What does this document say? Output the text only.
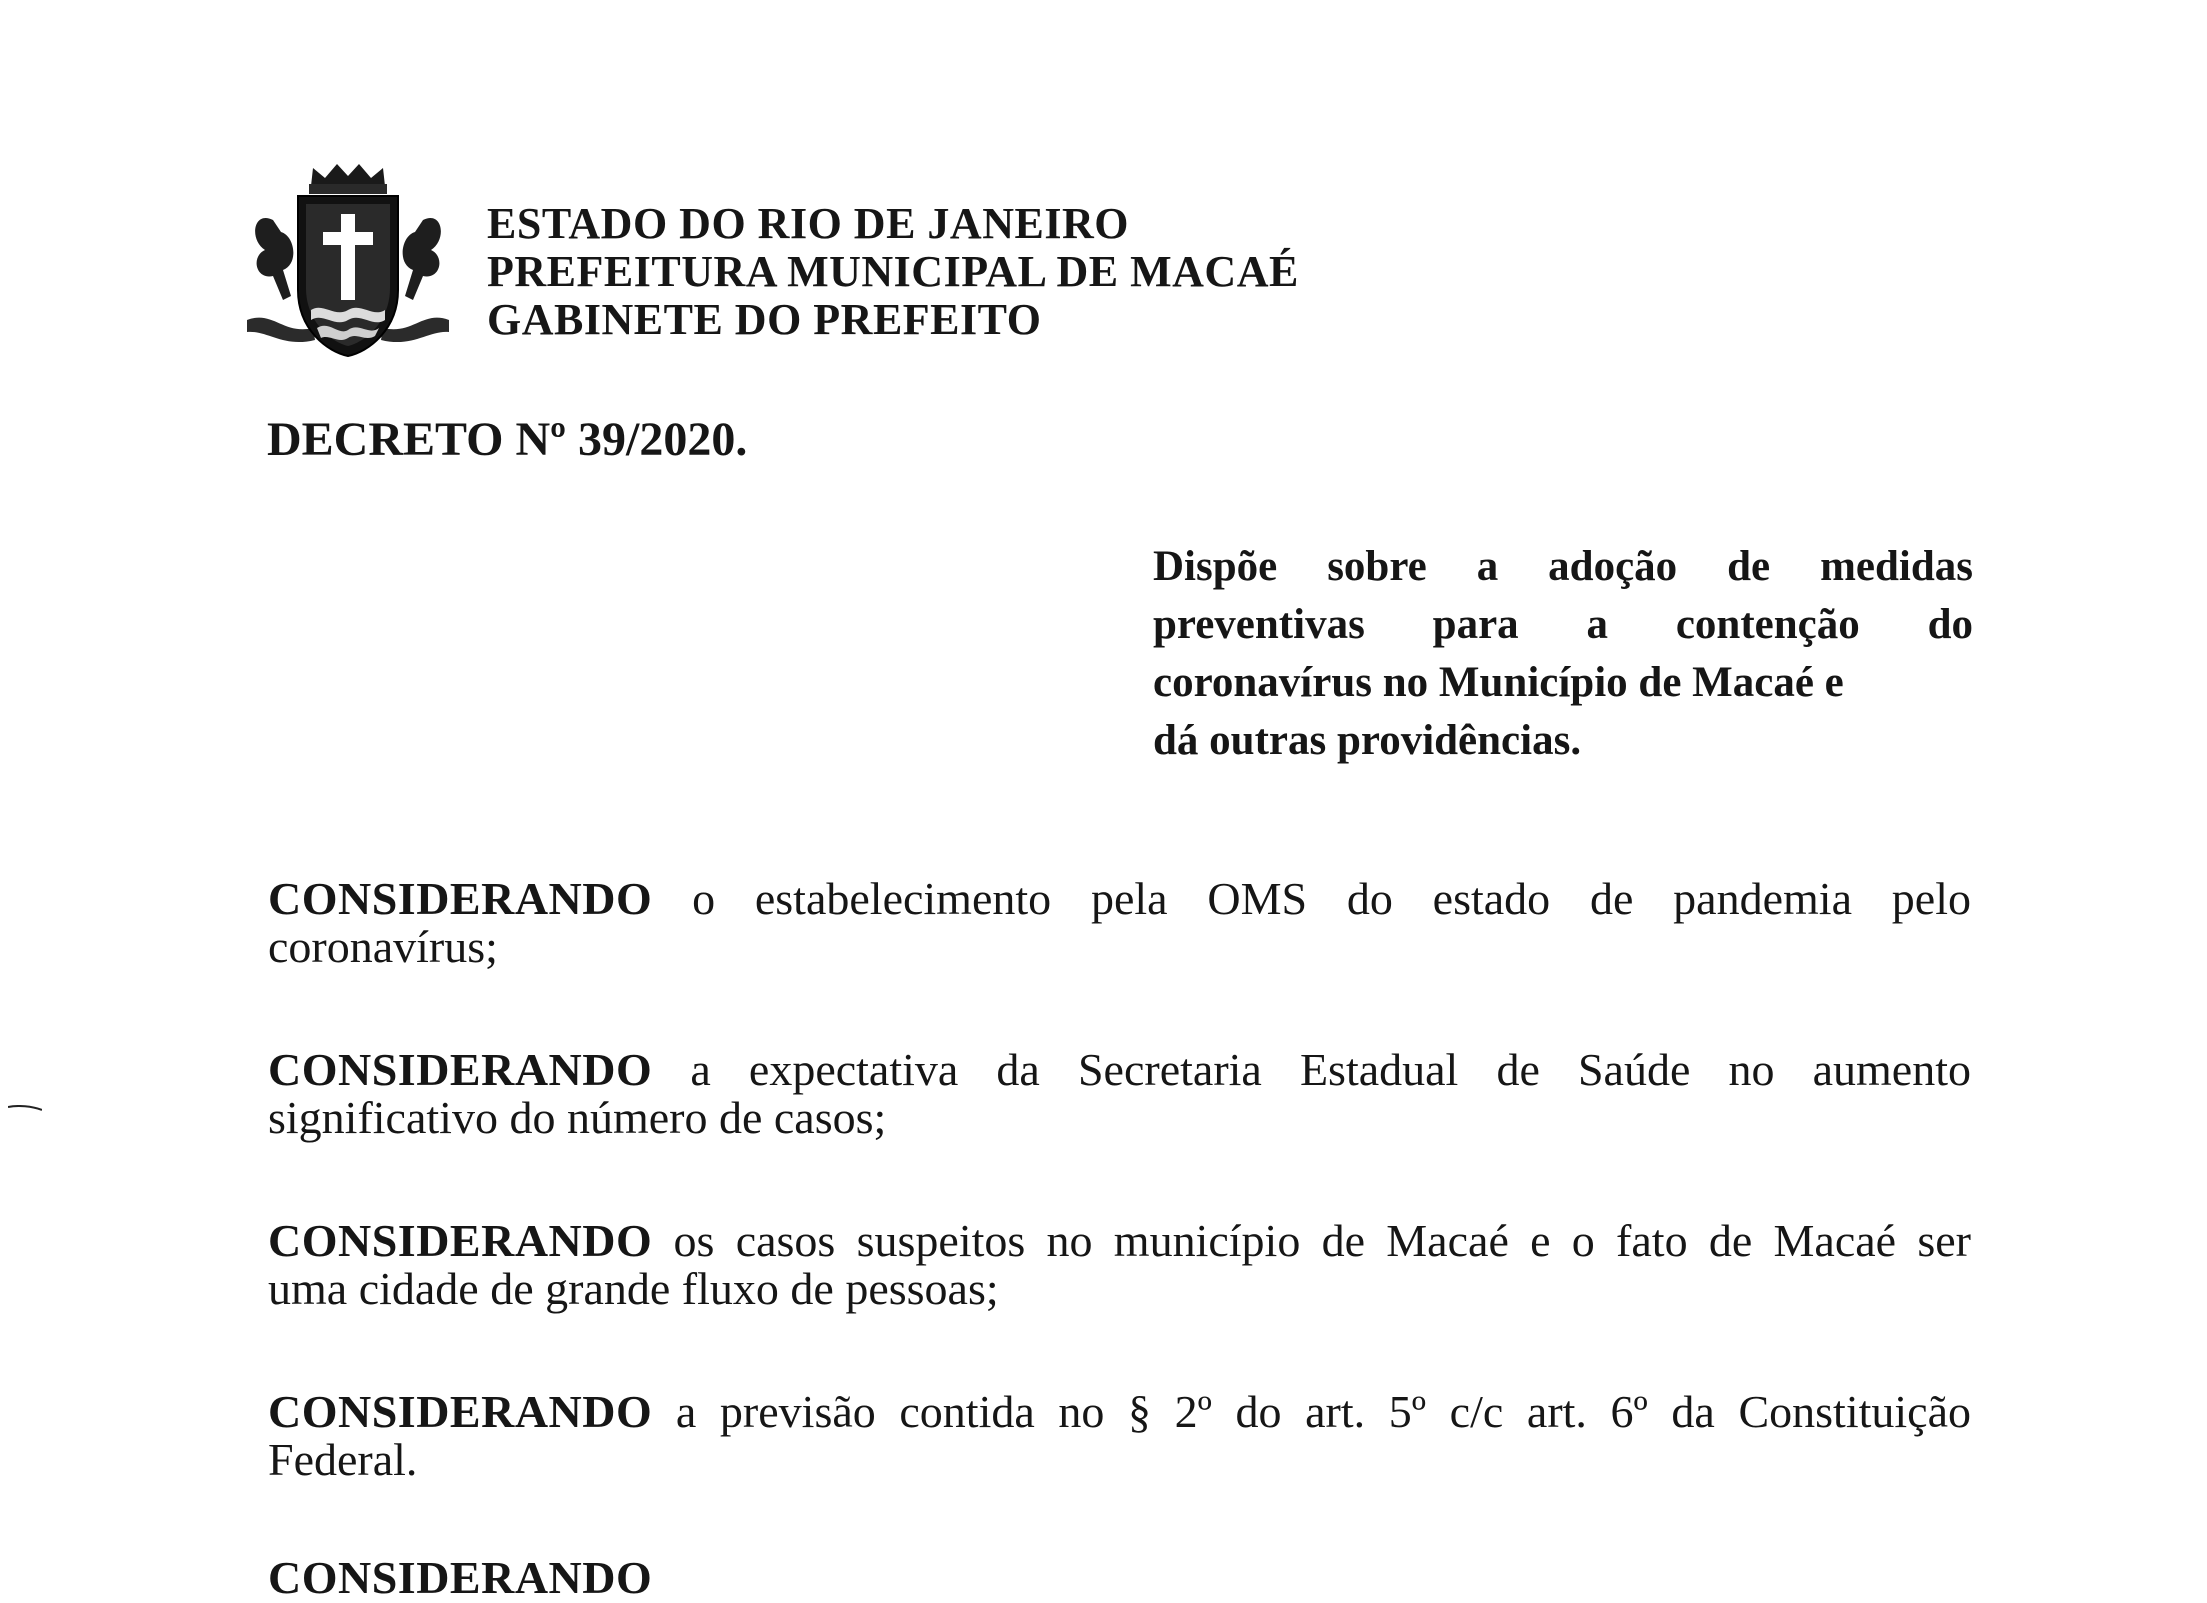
ESTADO DO RIO DE JANEIRO
PREFEITURA MUNICIPAL DE MACAÉ
GABINETE DO PREFEITO
DECRETO Nº 39/2020.
Dispõe sobre a adoção de medidas
preventivas para a contenção do
coronavírus no Município de Macaé e
dá outras providências.
CONSIDERANDO o estabelecimento pela OMS do estado de pandemia pelo
coronavírus;
CONSIDERANDO a expectativa da Secretaria Estadual de Saúde no aumento
significativo do número de casos;
CONSIDERANDO os casos suspeitos no município de Macaé e o fato de Macaé ser
uma cidade de grande fluxo de pessoas;
CONSIDERANDO a previsão contida no § 2º do art. 5º c/c art. 6º da Constituição
Federal.
CONSIDERANDO
